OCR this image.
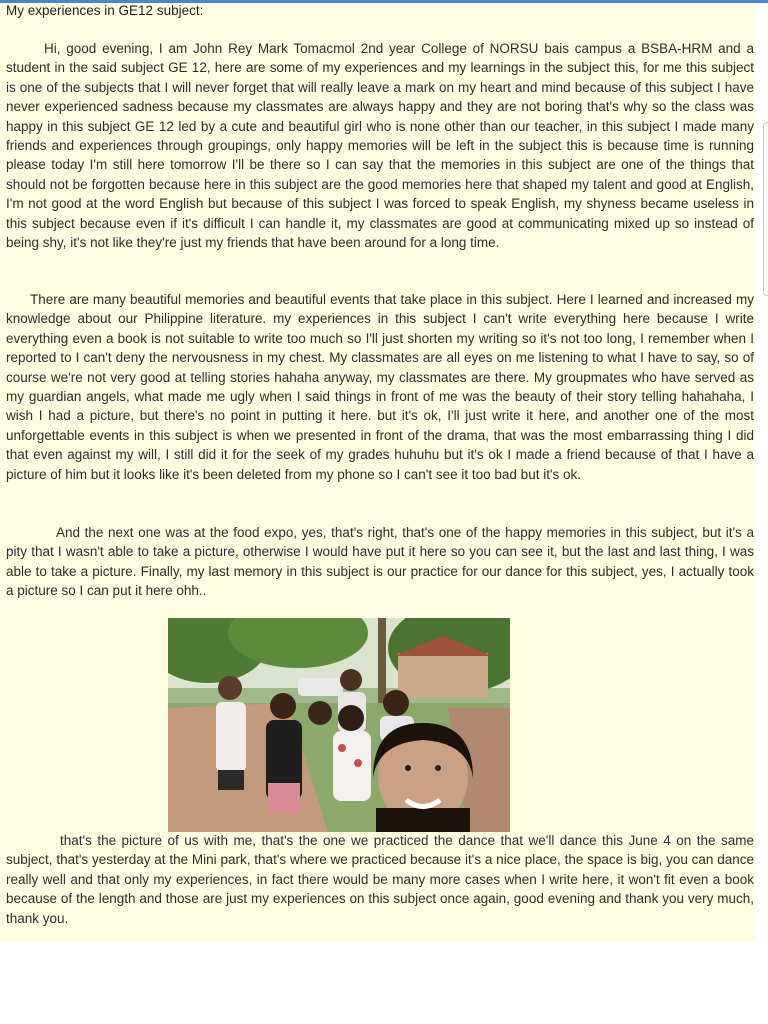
My experiences in GE12 subject:

Hi, good evening, I am John Rey Mark Tomacmol 2nd year College of NORSU bais campus a BSBA-HRM and a student in the said subject GE 12, here are some of my experiences and my learnings in the subject this, for me this subject is one of the subjects that I will never forget that will really leave a mark on my heart and mind because of this subject I have never experienced sadness because my classmates are always happy and they are not boring that's why so the class was happy in this subject GE 12 led by a cute and beautiful girl who is none other than our teacher, in this subject I made many friends and experiences through groupings, only happy memories will be left in the subject this is because time is running please today I'm still here tomorrow I'll be there so I can say that the memories in this subject are one of the things that should not be forgotten because here in this subject are the good memories here that shaped my talent and good at English, I'm not good at the word English but because of this subject I was forced to speak English, my shyness became useless in this subject because even if it's difficult I can handle it, my classmates are good at communicating mixed up so instead of being shy, it's not like they're just my friends that have been around for a long time.

There are many beautiful memories and beautiful events that take place in this subject. Here I learned and increased my knowledge about our Philippine literature. my experiences in this subject I can't write everything here because I write everything even a book is not suitable to write too much so I'll just shorten my writing so it's not too long, I remember when I reported to I can't deny the nervousness in my chest. My classmates are all eyes on me listening to what I have to say, so of course we're not very good at telling stories hahaha anyway, my classmates are there. My groupmates who have served as my guardian angels, what made me ugly when I said things in front of me was the beauty of their story telling hahahaha, I wish I had a picture, but there's no point in putting it here. but it's ok, I'll just write it here, and another one of the most unforgettable events in this subject is when we presented in front of the drama, that was the most embarrassing thing I did that even against my will, I still did it for the seek of my grades huhuhu but it's ok I made a friend because of that I have a picture of him but it looks like it's been deleted from my phone so I can't see it too bad but it's ok.

And the next one was at the food expo, yes, that's right, that's one of the happy memories in this subject, but it's a pity that I wasn't able to take a picture, otherwise I would have put it here so you can see it, but the last and last thing, I was able to take a picture. Finally, my last memory in this subject is our practice for our dance for this subject, yes, I actually took a picture so I can put it here ohh..

that's the picture of us with me, that's the one we practiced the dance that we'll dance this June 4 on the same subject, that's yesterday at the Mini park, that's where we practiced because it's a nice place, the space is big, you can dance really well and that only my experiences, in fact there would be many more cases when I write here, it won't fit even a book because of the length and those are just my experiences on this subject once again, good evening and thank you very much, thank you.
